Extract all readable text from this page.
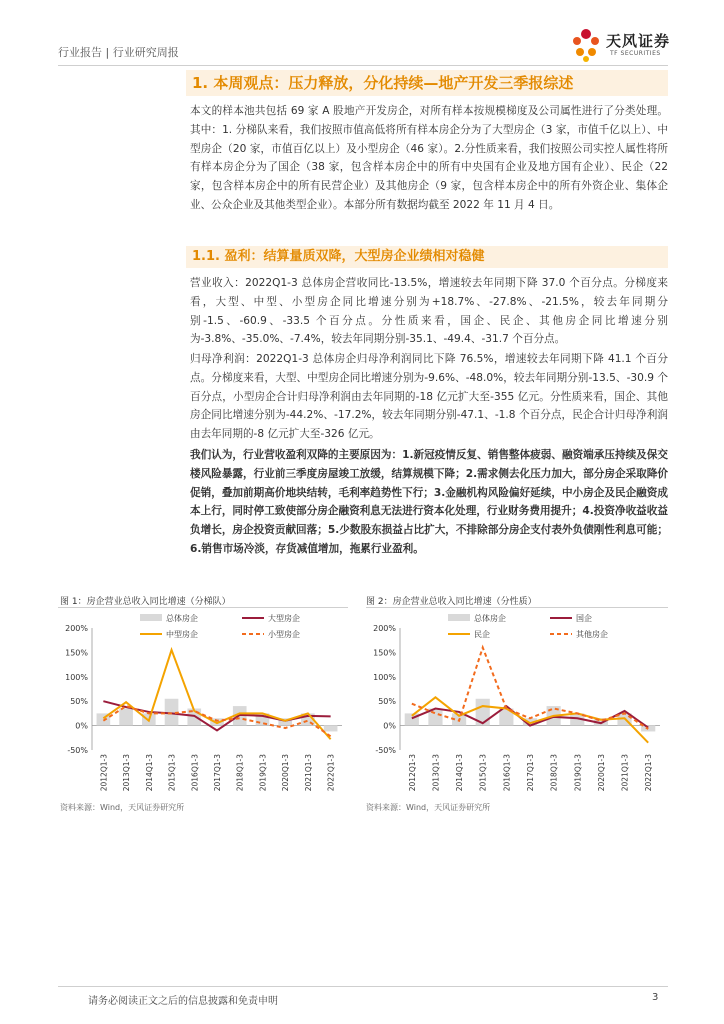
行业报告 | 行业研究周报
天风证券
TF SECURITIES
1. 本周观点：压力释放，分化持续—地产开发三季报综述

本文的样本池共包括 69 家 A 股地产开发房企，对所有样本按规模梯度及公司属性进行了分类处理。其中：1. 分梯队来看，我们按照市值高低将所有样本房企分为了大型房企（3 家，市值千亿以上）、中型房企（20 家，市值百亿以上）及小型房企（46 家）。2.分性质来看，我们按照公司实控人属性将所有样本房企分为了国企（38 家，包含样本房企中的所有中央国有企业及地方国有企业）、民企（22 家，包含样本房企中的所有民营企业）及其他房企（9 家，包含样本房企中的所有外资企业、集体企业、公众企业及其他类型企业）。本部分所有数据均截至 2022 年 11 月 4 日。

1.1. 盈利：结算量质双降，大型房企业绩相对稳健

营业收入：2022Q1-3 总体房企营收同比-13.5%，增速较去年同期下降 37.0 个百分点。分梯度来看，大型、中型、小型房企同比增速分别为+18.7%、-27.8%、-21.5%，较去年同期分别-1.5、-60.9、-33.5 个百分点。分性质来看，国企、民企、其他房企同比增速分别为-3.8%、-35.0%、-7.4%，较去年同期分别-35.1、-49.4、-31.7 个百分点。

归母净利润：2022Q1-3 总体房企归母净利润同比下降 76.5%，增速较去年同期下降 41.1 个百分点。分梯度来看，大型、中型房企同比增速分别为-9.6%、-48.0%，较去年同期分别-13.5、-30.9 个百分点，小型房企合计归母净利润由去年同期的-18 亿元扩大至-355 亿元。分性质来看，国企、其他房企同比增速分别为-44.2%、-17.2%，较去年同期分别-47.1、-1.8 个百分点，民企合计归母净利润由去年同期的-8 亿元扩大至-326 亿元。

我们认为，行业营收盈利双降的主要原因为：1.新冠疫情反复、销售整体疲弱、融资端承压持续及保交楼风险暴露，行业前三季度房屋竣工放缓，结算规模下降；2.需求侧去化压力加大，部分房企采取降价促销，叠加前期高价地块结转，毛利率趋势性下行；3.金融机构风险偏好延续，中小房企及民企融资成本上行，同时停工致使部分房企融资利息无法进行资本化处理，行业财务费用提升；4.投资净收益收益负增长，房企投资贡献回落；5.少数股东损益占比扩大，不排除部分房企支付表外负债刚性利息可能；6.销售市场冷淡，存货减值增加，拖累行业盈利。

图 1：房企营业总收入同比增速（分梯队）	图 2：房企营业总收入同比增速（分性质）
200%
150%
100%
50%
0%
-50%
总体房企	大型房企
中型房企	小型房企
2012Q1-3 2013Q1-3 2014Q1-3 2015Q1-3 2016Q1-3 2017Q1-3 2018Q1-3 2019Q1-3 2020Q1-3 2021Q1-3 2022Q1-3
200%
150%
100%
50%
0%
-50%
总体房企	国企
民企	其他房企
2012Q1-3 2013Q1-3 2014Q1-3 2015Q1-3 2016Q1-3 2017Q1-3 2018Q1-3 2019Q1-3 2020Q1-3 2021Q1-3 2022Q1-3
资料来源：Wind，天风证券研究所	资料来源：Wind，天风证券研究所
请务必阅读正文之后的信息披露和免责申明	3
